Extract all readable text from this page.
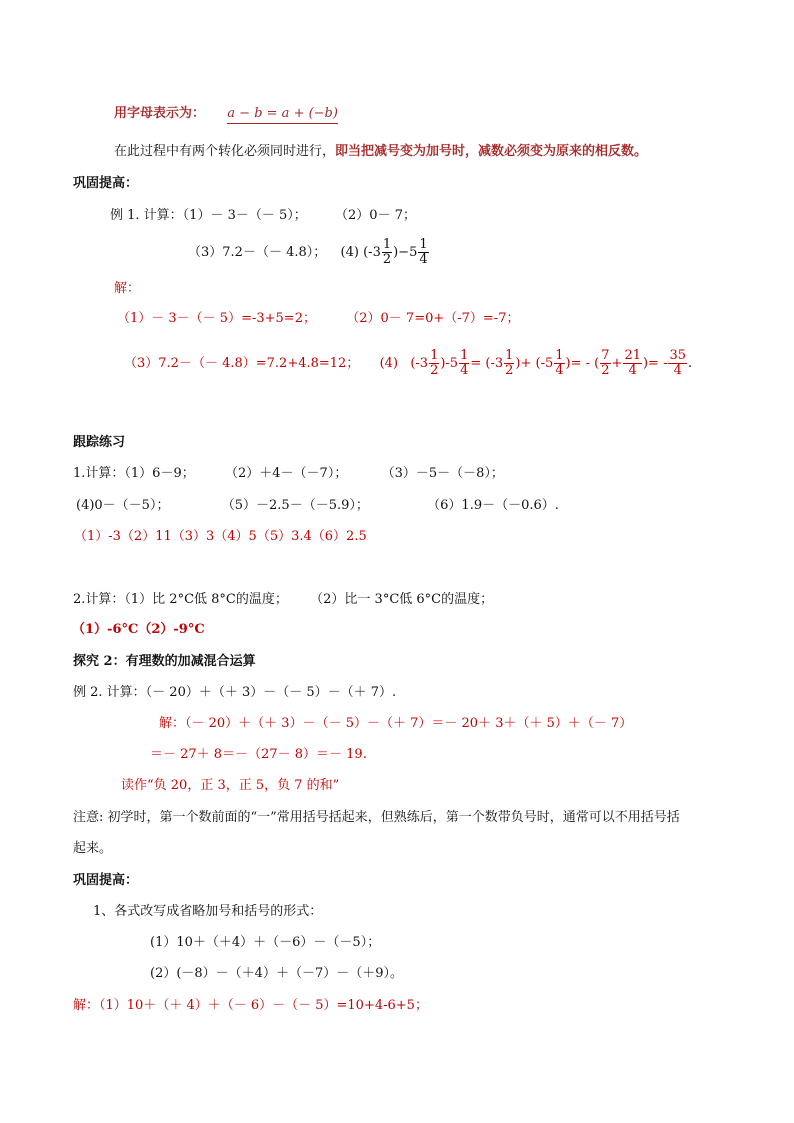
用字母表示为： a − b = a + (−b)
在此过程中有两个转化必须同时进行，即当把减号变为加号时，减数必须变为原来的相反数。
巩固提高：
例 1. 计算：（1）－ 3－（－ 5）； （2）0－ 7；
（3）7.2－（－ 4.8）； (4) $(-3 \frac{1}{2} )-5 \frac{1}{4}$
解：
（1）－ 3－（－ 5）=-3+5=2； （2）0－ 7=0+（-7）=-7；
（3）7.2－（－ 4.8）=7.2+4.8=12； (4) $(-3 \frac{1}{2} )-5 \frac{1}{4} = (-3 \frac{1}{2}$ )+ ($-5 \frac{1}{4}$ )= - ( $\frac{7}{2} + \frac{21}{4}$ )= - $\frac{35}{4}$ .
跟踪练习
1.计算：（1）6－9； （2）＋4－（－7）；	（3）－5－（－8）；
(4)0－（－5）；	（5）－2.5－（－5.9）；	（6）1.9－（－0.6）.
（1）-3（2）11（3）3（4）5（5）3.4（6）2.5
2.计算：（1）比 2°C低 8°C的温度； （2）比一 3°C低 6°C的温度；
（1）-6°C（2）-9°C
探究 2：有理数的加减混合运算
例 2. 计算：（－ 20）＋（＋ 3）－（－ 5）－（＋ 7）.
解：（－ 20）＋（＋ 3）－（－ 5）－（＋ 7）＝－ 20＋ 3＋（＋ 5）＋（－ 7）
＝－ 27＋ 8＝－（27－ 8）＝－ 19.
读作“负 20，正 3，正 5，负 7 的和”
注意: 初学时，第一个数前面的“一”常用括号括起来，但熟练后，第一个数带负号时，通常可以不用括号括
起来。
巩固提高：
1、各式改写成省略加号和括号的形式：
(1）10＋（＋4）＋（－6）－（－5）；
(2）(－8）－（＋4）＋（－7）－（＋9）。
解：（1）10＋（＋ 4）＋（－ 6）－（－ 5）=10+4-6+5；
